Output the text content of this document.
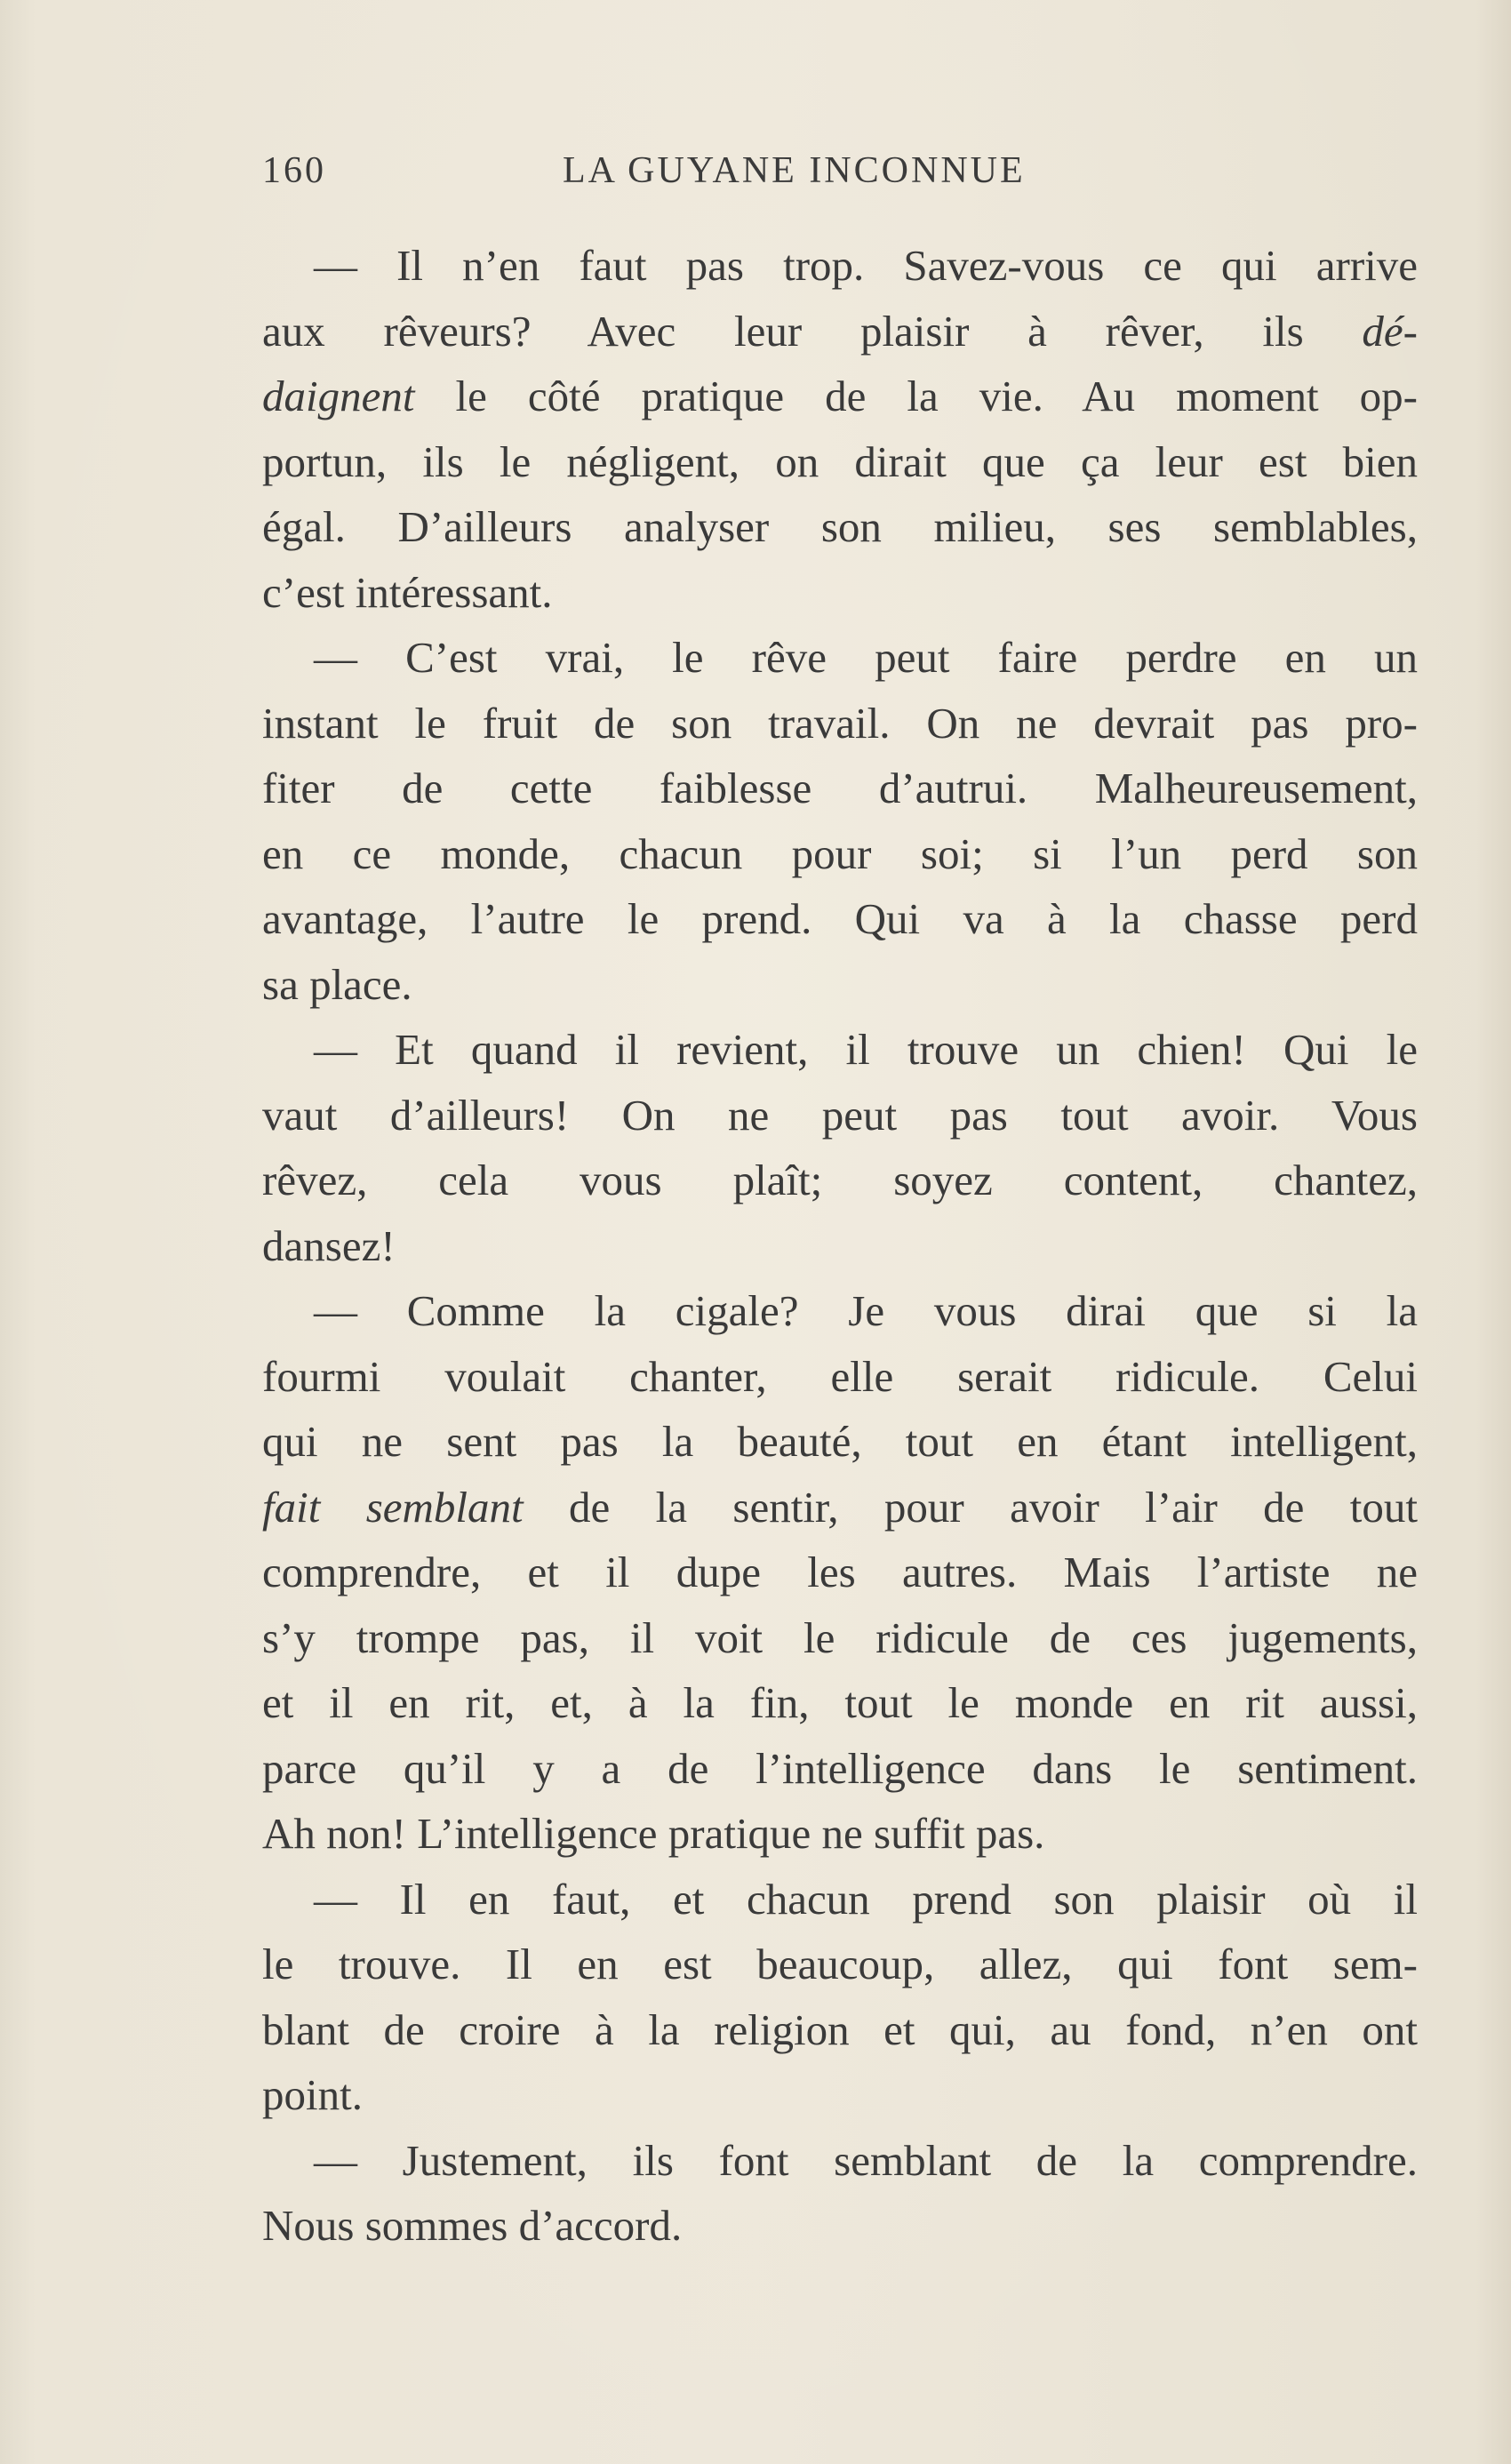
160	LA GUYANE INCONNUE
— Il n’en faut pas trop. Savez-vous ce qui arrive
aux rêveurs? Avec leur plaisir à rêver, ils dé-
daignent le côté pratique de la vie. Au moment op-
portun, ils le négligent, on dirait que ça leur est bien
égal. D’ailleurs analyser son milieu, ses semblables,
c’est intéressant.
— C’est vrai, le rêve peut faire perdre en un
instant le fruit de son travail. On ne devrait pas pro-
fiter de cette faiblesse d’autrui. Malheureusement,
en ce monde, chacun pour soi; si l’un perd son
avantage, l’autre le prend. Qui va à la chasse perd
sa place.
— Et quand il revient, il trouve un chien! Qui le
vaut d’ailleurs! On ne peut pas tout avoir. Vous
rêvez, cela vous plaît; soyez content, chantez,
dansez!
— Comme la cigale? Je vous dirai que si la
fourmi voulait chanter, elle serait ridicule. Celui
qui ne sent pas la beauté, tout en étant intelligent,
fait semblant de la sentir, pour avoir l’air de tout
comprendre, et il dupe les autres. Mais l’artiste ne
s’y trompe pas, il voit le ridicule de ces jugements,
et il en rit, et, à la fin, tout le monde en rit aussi,
parce qu’il y a de l’intelligence dans le sentiment.
Ah non! L’intelligence pratique ne suffit pas.
— Il en faut, et chacun prend son plaisir où il
le trouve. Il en est beaucoup, allez, qui font sem-
blant de croire à la religion et qui, au fond, n’en ont
point.
— Justement, ils font semblant de la comprendre.
Nous sommes d’accord.
